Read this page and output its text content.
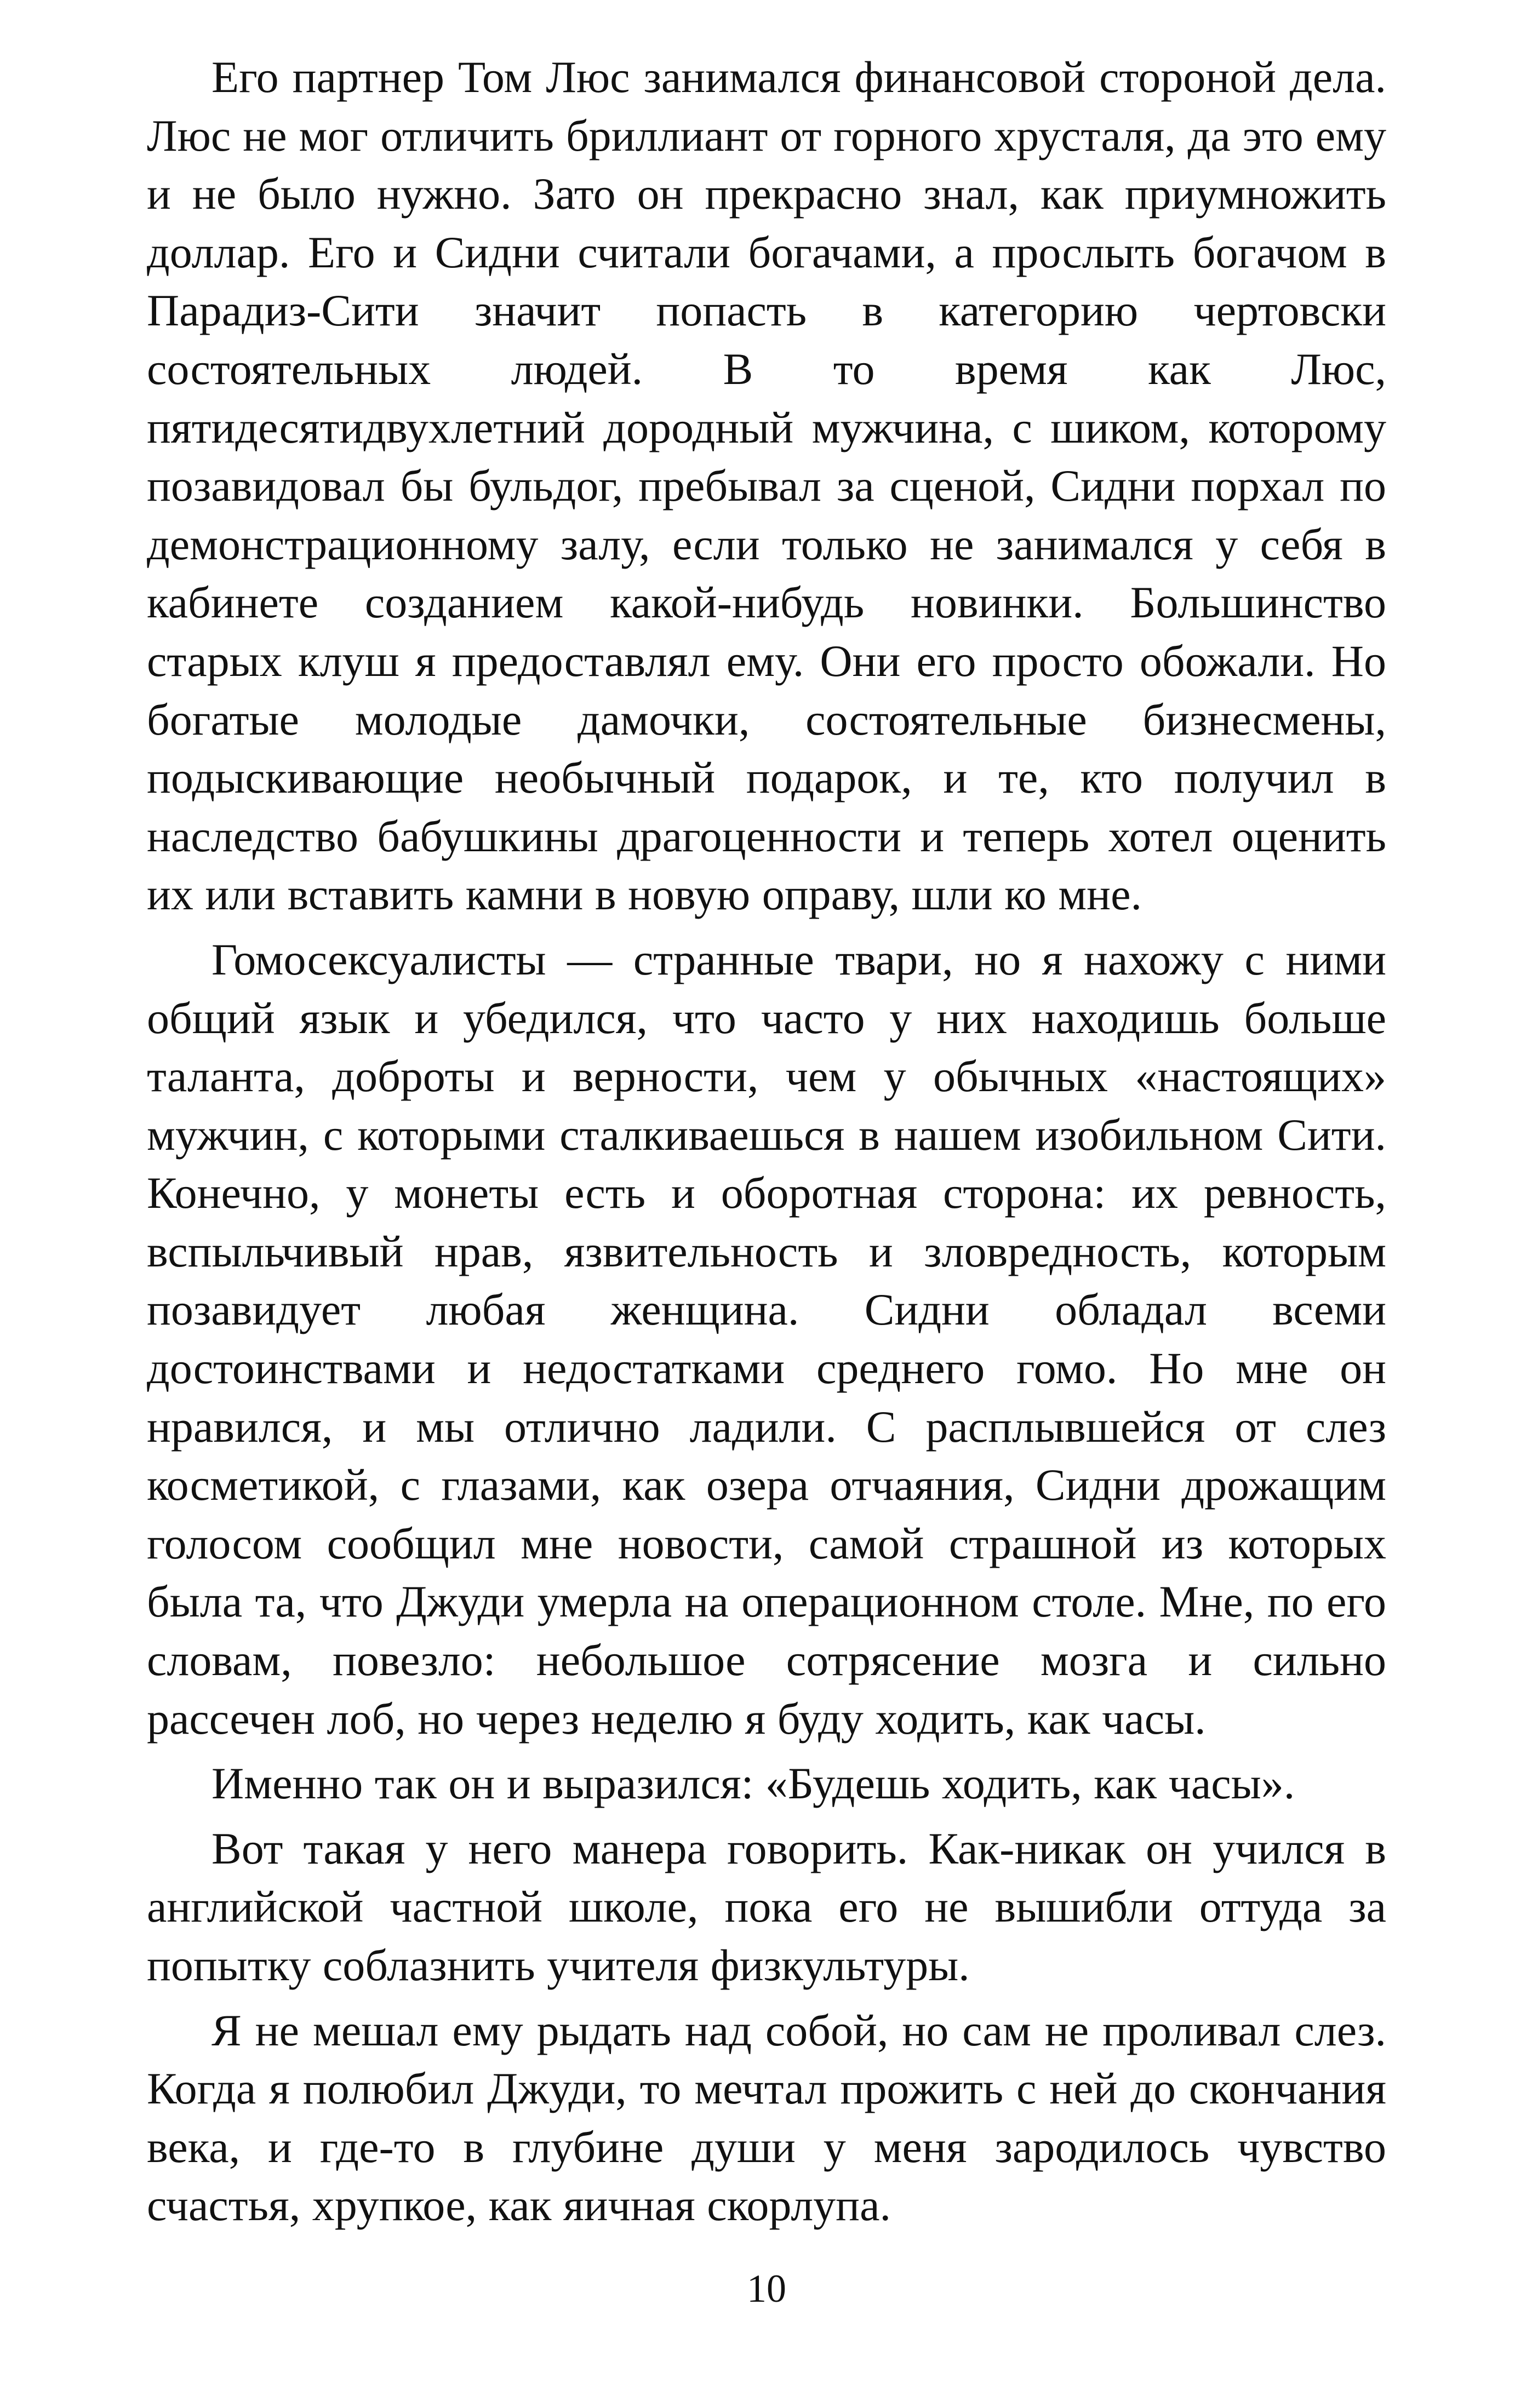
Его партнер Том Люс занимался финансовой стороной дела. Люс не мог отличить бриллиант от горного хрусталя, да это ему и не было нужно. Зато он прекрасно знал, как приумножить доллар. Его и Сидни считали богачами, а прослыть богачом в Парадиз-Сити значит попасть в категорию чертовски состоятельных людей. В то время как Люс, пятидесятидвухлетний дородный мужчина, с шиком, которому позавидовал бы бульдог, пребывал за сценой, Сидни порхал по демонстрационному залу, если только не занимался у себя в кабинете созданием какой-нибудь новинки. Большинство старых клуш я предоставлял ему. Они его просто обожали. Но богатые молодые дамочки, состоятельные бизнесмены, подыскивающие необычный подарок, и те, кто получил в наследство бабушкины драгоценности и теперь хотел оценить их или вставить камни в новую оправу, шли ко мне.

Гомосексуалисты — странные твари, но я нахожу с ними общий язык и убедился, что часто у них находишь больше таланта, доброты и верности, чем у обычных «настоящих» мужчин, с которыми сталкиваешься в нашем изобильном Сити. Конечно, у монеты есть и оборотная сторона: их ревность, вспыльчивый нрав, язвительность и зловредность, которым позавидует любая женщина. Сидни обладал всеми достоинствами и недостатками среднего гомо. Но мне он нравился, и мы отлично ладили. С расплывшейся от слез косметикой, с глазами, как озера отчаяния, Сидни дрожащим голосом сообщил мне новости, самой страшной из которых была та, что Джуди умерла на операционном столе. Мне, по его словам, повезло: небольшое сотрясение мозга и сильно рассечен лоб, но через неделю я буду ходить, как часы.

Именно так он и выразился: «Будешь ходить, как часы».

Вот такая у него манера говорить. Как-никак он учился в английской частной школе, пока его не вышибли оттуда за попытку соблазнить учителя физкультуры.

Я не мешал ему рыдать над собой, но сам не проливал слез. Когда я полюбил Джуди, то мечтал прожить с ней до скончания века, и где-то в глубине души у меня зародилось чувство счастья, хрупкое, как яичная скорлупа.

10
